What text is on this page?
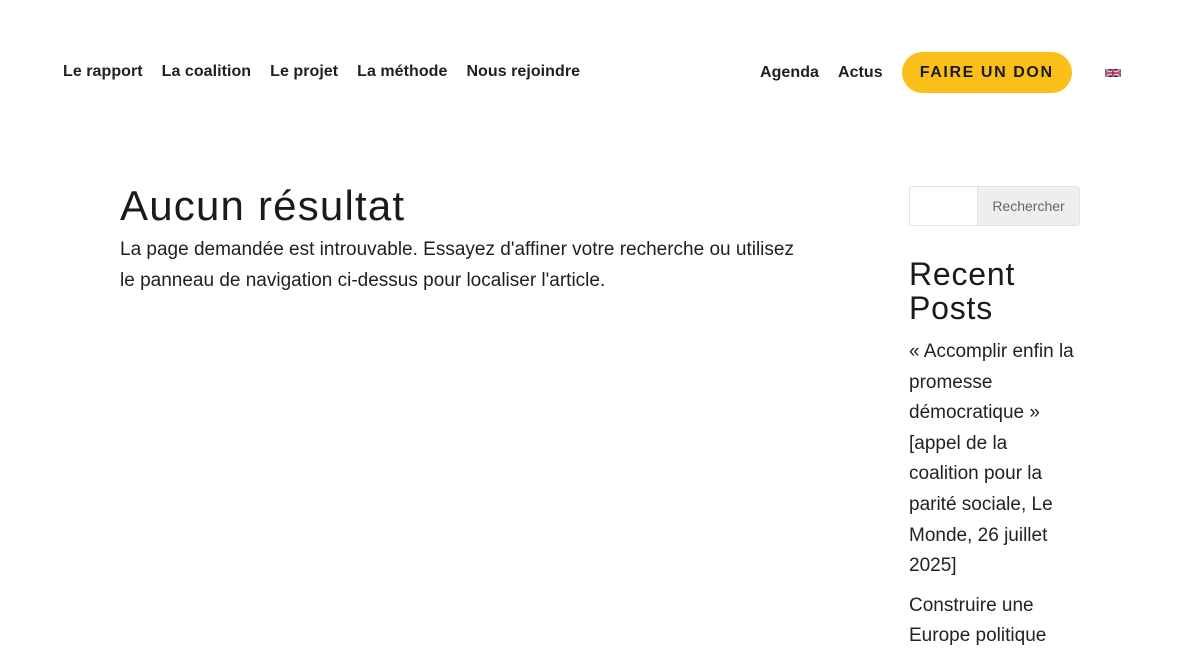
Le rapport La coalition Le projet La méthode Nous rejoindre	Agenda Actus	FAIRE UN DON
Aucun résultat

La page demandée est introuvable. Essayez d'affiner votre recherche ou utilisez le panneau de navigation ci-dessus pour localiser l'article.

Rechercher
Recent Posts
« Accomplir enfin la promesse démocratique » [appel de la coalition pour la parité sociale, Le Monde, 26 juillet 2025]
Construire une Europe politique
